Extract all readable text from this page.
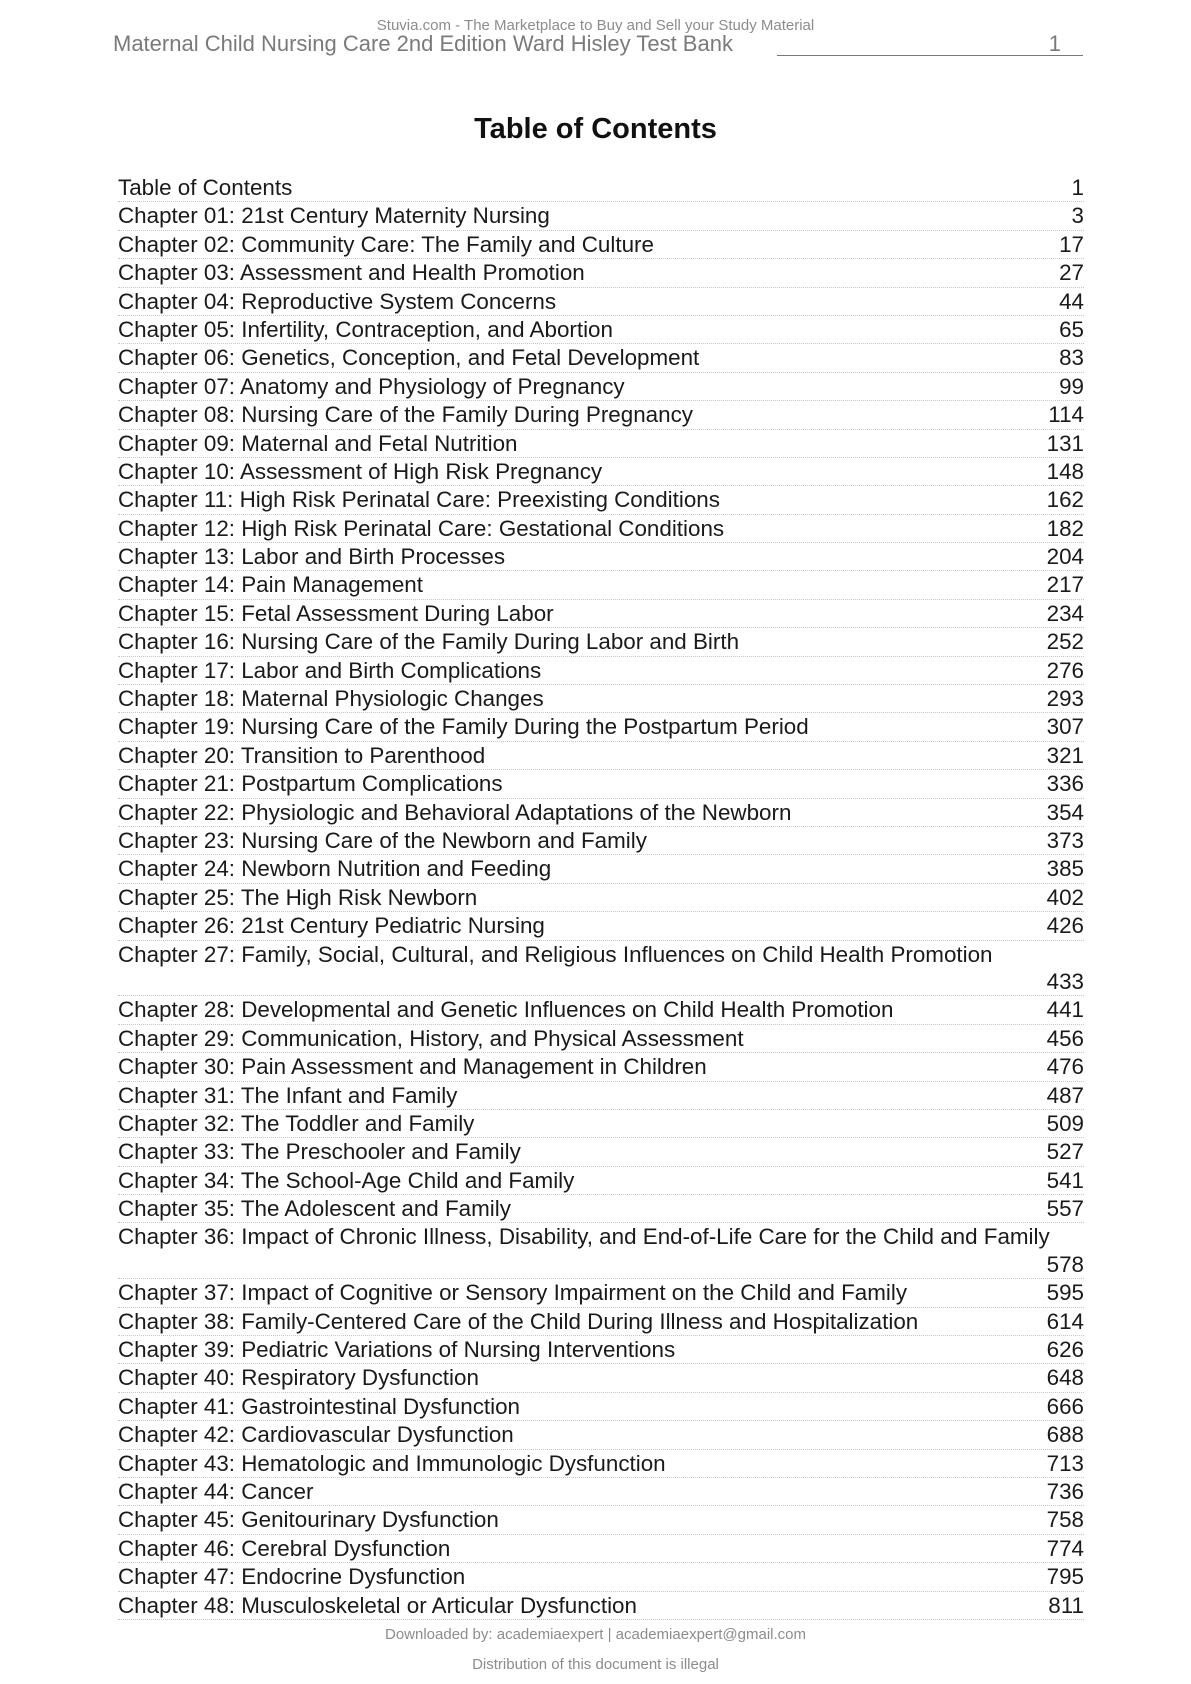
Stuvia.com - The Marketplace to Buy and Sell your Study Material
Maternal Child Nursing Care 2nd Edition Ward Hisley Test Bank	1
Table of Contents
Table of Contents	1
Chapter 01: 21st Century Maternity Nursing	3
Chapter 02: Community Care: The Family and Culture	17
Chapter 03: Assessment and Health Promotion	27
Chapter 04: Reproductive System Concerns	44
Chapter 05: Infertility, Contraception, and Abortion	65
Chapter 06: Genetics, Conception, and Fetal Development	83
Chapter 07: Anatomy and Physiology of Pregnancy	99
Chapter 08: Nursing Care of the Family During Pregnancy	114
Chapter 09: Maternal and Fetal Nutrition	131
Chapter 10: Assessment of High Risk Pregnancy	148
Chapter 11: High Risk Perinatal Care: Preexisting Conditions	162
Chapter 12: High Risk Perinatal Care: Gestational Conditions	182
Chapter 13: Labor and Birth Processes	204
Chapter 14: Pain Management	217
Chapter 15: Fetal Assessment During Labor	234
Chapter 16: Nursing Care of the Family During Labor and Birth	252
Chapter 17: Labor and Birth Complications	276
Chapter 18: Maternal Physiologic Changes	293
Chapter 19: Nursing Care of the Family During the Postpartum Period	307
Chapter 20: Transition to Parenthood	321
Chapter 21: Postpartum Complications	336
Chapter 22: Physiologic and Behavioral Adaptations of the Newborn	354
Chapter 23: Nursing Care of the Newborn and Family	373
Chapter 24: Newborn Nutrition and Feeding	385
Chapter 25: The High Risk Newborn	402
Chapter 26: 21st Century Pediatric Nursing	426
Chapter 27: Family, Social, Cultural, and Religious Influences on Child Health Promotion
433
Chapter 28: Developmental and Genetic Influences on Child Health Promotion	441
Chapter 29: Communication, History, and Physical Assessment	456
Chapter 30: Pain Assessment and Management in Children	476
Chapter 31: The Infant and Family	487
Chapter 32: The Toddler and Family	509
Chapter 33: The Preschooler and Family	527
Chapter 34: The School-Age Child and Family	541
Chapter 35: The Adolescent and Family	557
Chapter 36: Impact of Chronic Illness, Disability, and End-of-Life Care for the Child and Family
578
Chapter 37: Impact of Cognitive or Sensory Impairment on the Child and Family	595
Chapter 38: Family-Centered Care of the Child During Illness and Hospitalization	614
Chapter 39: Pediatric Variations of Nursing Interventions	626
Chapter 40: Respiratory Dysfunction	648
Chapter 41: Gastrointestinal Dysfunction	666
Chapter 42: Cardiovascular Dysfunction	688
Chapter 43: Hematologic and Immunologic Dysfunction	713
Chapter 44: Cancer	736
Chapter 45: Genitourinary Dysfunction	758
Chapter 46: Cerebral Dysfunction	774
Chapter 47: Endocrine Dysfunction	795
Chapter 48: Musculoskeletal or Articular Dysfunction	811
Downloaded by: academiaexpert | academiaexpert@gmail.com
Distribution of this document is illegal
